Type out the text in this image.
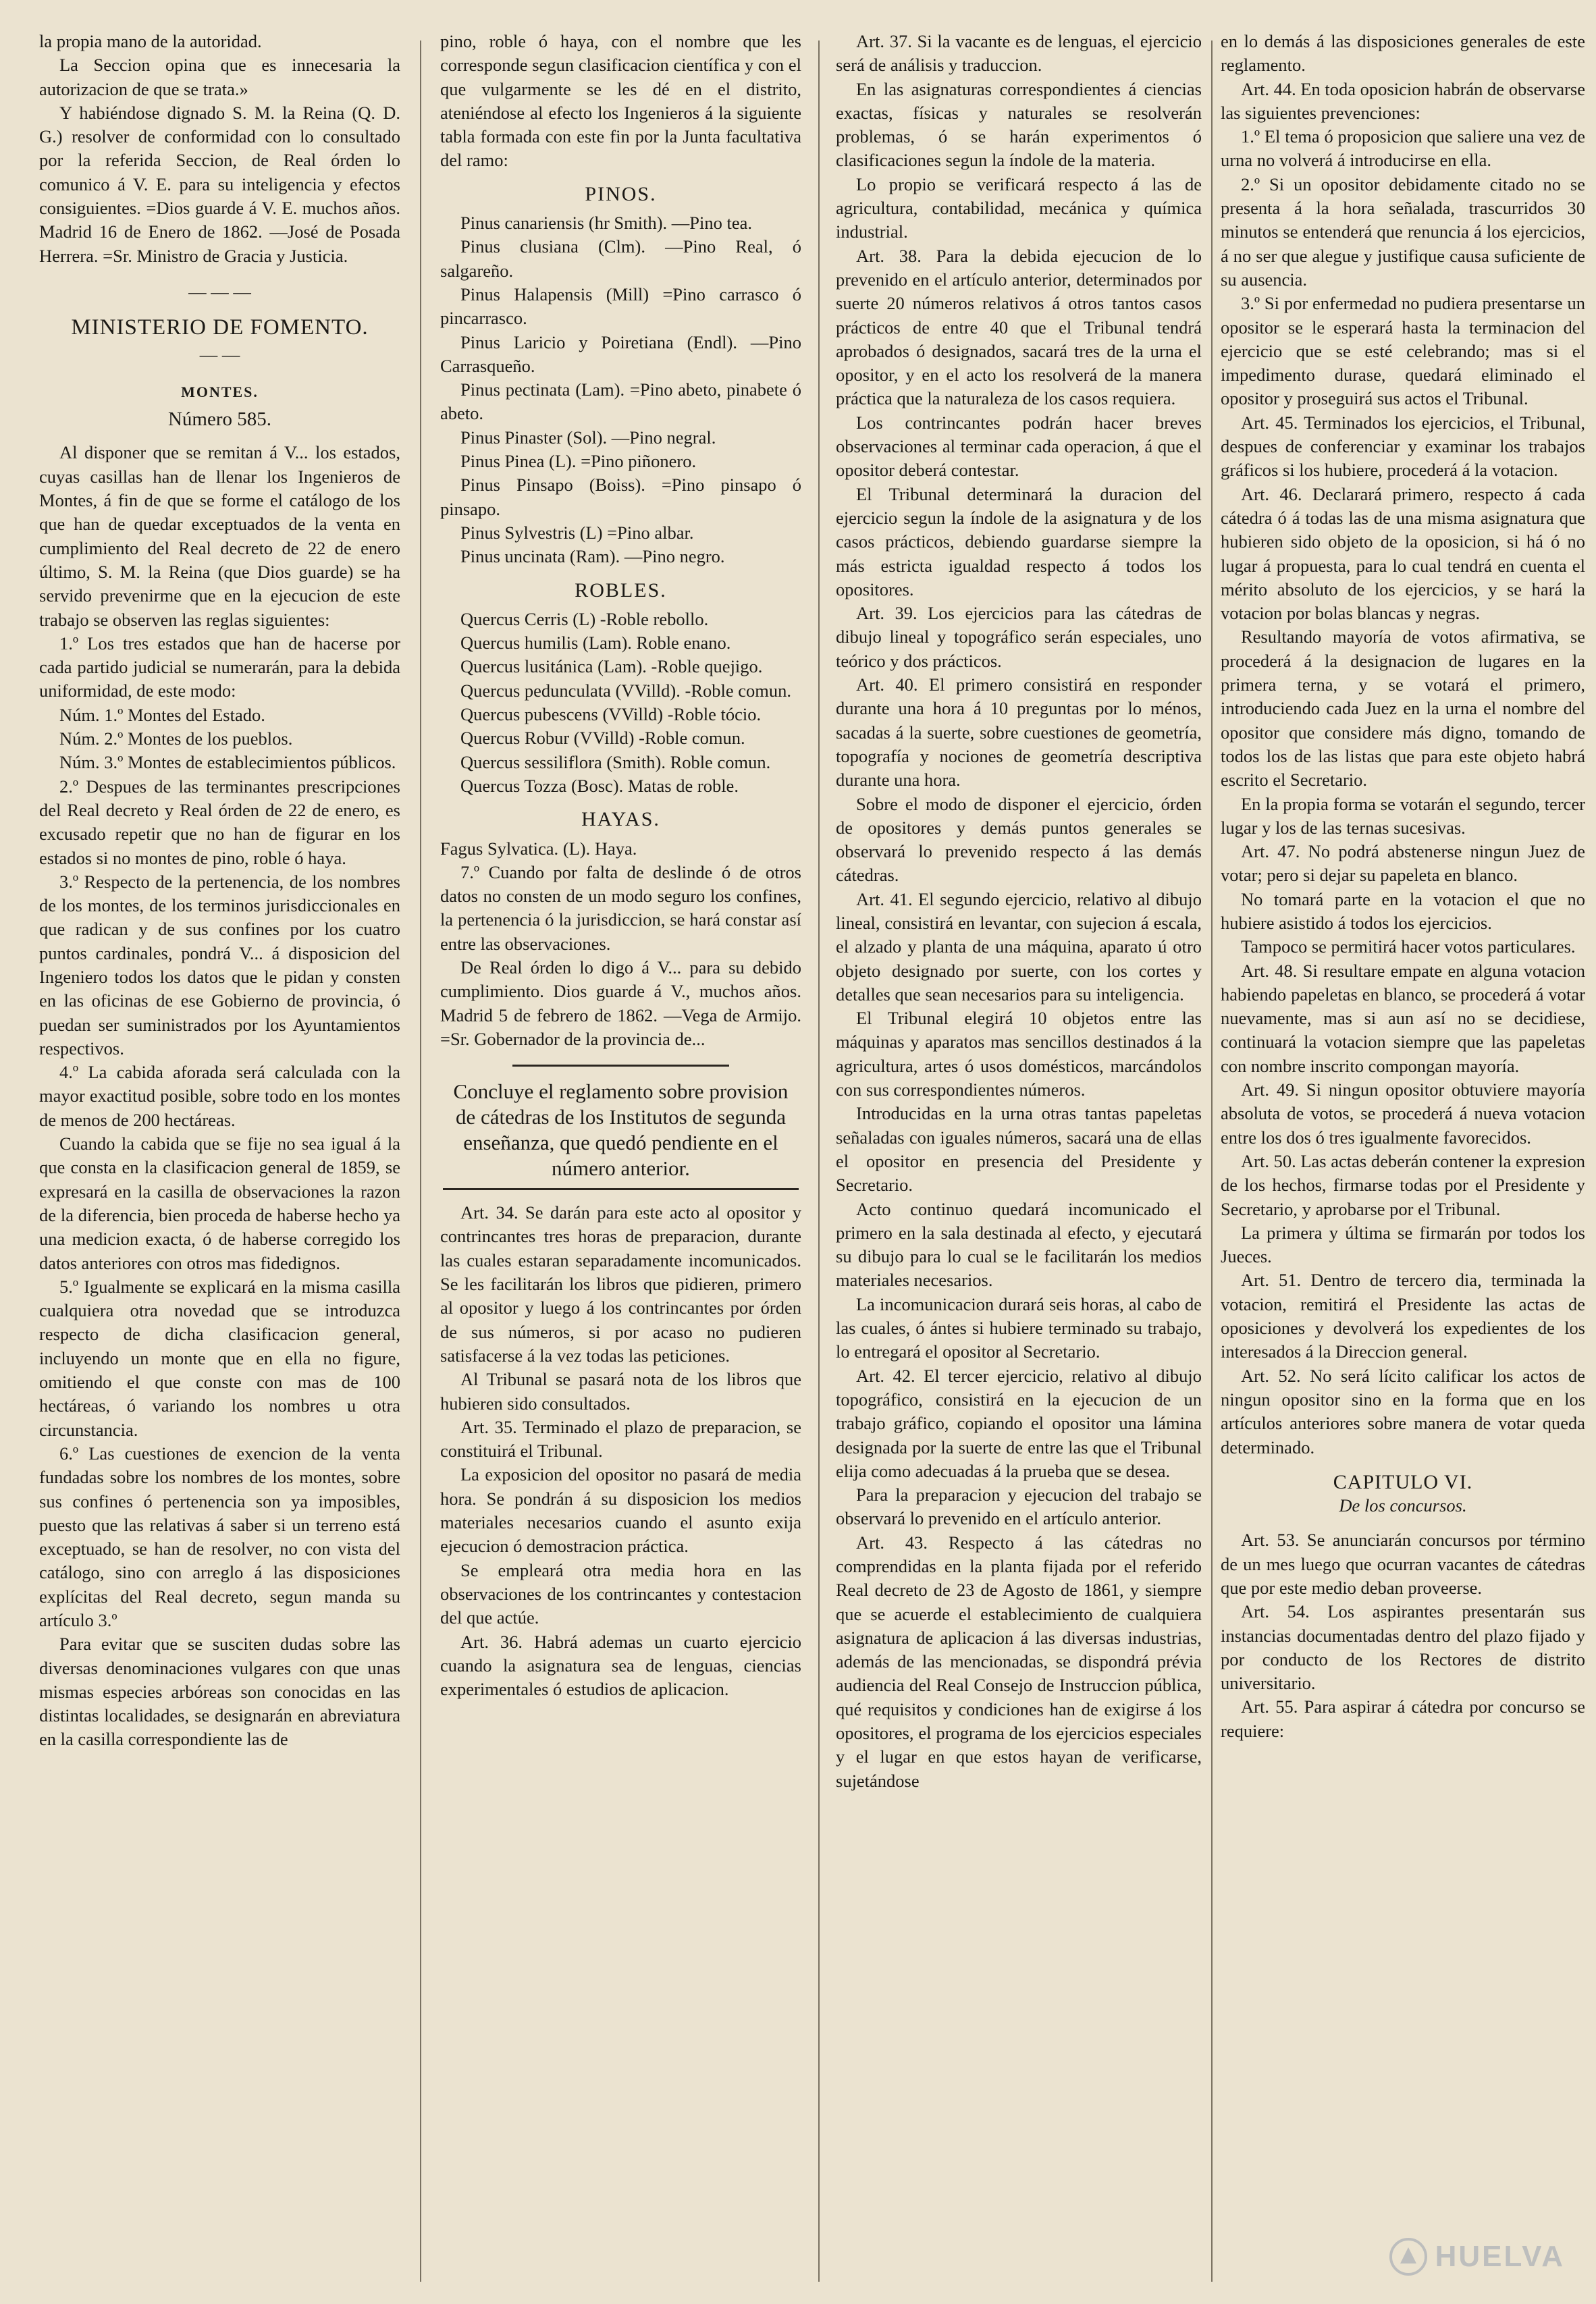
la propia mano de la autoridad.

La Seccion opina que es innecesaria la autorizacion de que se trata.»

Y habiéndose dignado S. M. la Reina (Q. D. G.) resolver de conformidad con lo consultado por la referida Seccion, de Real órden lo comunico á V. E. para su inteligencia y efectos consiguientes. =Dios guarde á V. E. muchos años. Madrid 16 de Enero de 1862. —José de Posada Herrera. =Sr. Ministro de Gracia y Justicia.

— — —

MINISTERIO DE FOMENTO.

— —

MONTES.

Número 585.

Al disponer que se remitan á V... los estados, cuyas casillas han de llenar los Ingenieros de Montes, á fin de que se forme el catálogo de los que han de quedar exceptuados de la venta en cumplimiento del Real decreto de 22 de enero último, S. M. la Reina (que Dios guarde) se ha servido prevenirme que en la ejecucion de este trabajo se observen las reglas siguientes:

1.º Los tres estados que han de hacerse por cada partido judicial se numerarán, para la debida uniformidad, de este modo:

Núm. 1.º Montes del Estado.

Núm. 2.º Montes de los pueblos.

Núm. 3.º Montes de establecimientos públicos.

2.º Despues de las terminantes prescripciones del Real decreto y Real órden de 22 de enero, es excusado repetir que no han de figurar en los estados si no montes de pino, roble ó haya.

3.º Respecto de la pertenencia, de los nombres de los montes, de los terminos jurisdiccionales en que radican y de sus confines por los cuatro puntos cardinales, pondrá V... á disposicion del Ingeniero todos los datos que le pidan y consten en las oficinas de ese Gobierno de provincia, ó puedan ser suministrados por los Ayuntamientos respectivos.

4.º La cabida aforada será calculada con la mayor exactitud posible, sobre todo en los montes de menos de 200 hectáreas.

Cuando la cabida que se fije no sea igual á la que consta en la clasificacion general de 1859, se expresará en la casilla de observaciones la razon de la diferencia, bien proceda de haberse hecho ya una medicion exacta, ó de haberse corregido los datos anteriores con otros mas fidedignos.

5.º Igualmente se explicará en la misma casilla cualquiera otra novedad que se introduzca respecto de dicha clasificacion general, incluyendo un monte que en ella no figure, omitiendo el que conste con mas de 100 hectáreas, ó variando los nombres u otra circunstancia.

6.º Las cuestiones de exencion de la venta fundadas sobre los nombres de los montes, sobre sus confines ó pertenencia son ya imposibles, puesto que las relativas á saber si un terreno está exceptuado, se han de resolver, no con vista del catálogo, sino con arreglo á las disposiciones explícitas del Real decreto, segun manda su artículo 3.º

Para evitar que se susciten dudas sobre las diversas denominaciones vulgares con que unas mismas especies arbóreas son conocidas en las distintas localidades, se designarán en abreviatura en la casilla correspondiente las de

pino, roble ó haya, con el nombre que les corresponde segun clasificacion científica y con el que vulgarmente se les dé en el distrito, ateniéndose al efecto los Ingenieros á la siguiente tabla formada con este fin por la Junta facultativa del ramo:

PINOS.

Pinus canariensis (hr Smith). —Pino tea.

Pinus clusiana (Clm). —Pino Real, ó salgareño.

Pinus Halapensis (Mill) =Pino carrasco ó pincarrasco.

Pinus Laricio y Poiretiana (Endl). —Pino Carrasqueño.

Pinus pectinata (Lam). =Pino abeto, pinabete ó abeto.

Pinus Pinaster (Sol). —Pino negral.

Pinus Pinea (L). =Pino piñonero.

Pinus Pinsapo (Boiss). =Pino pinsapo ó pinsapo.

Pinus Sylvestris (L) =Pino albar.

Pinus uncinata (Ram). —Pino negro.

ROBLES.

Quercus Cerris (L) -Roble rebollo.

Quercus humilis (Lam). Roble enano.

Quercus lusitánica (Lam). -Roble quejigo.

Quercus pedunculata (VVilld). -Roble comun.

Quercus pubescens (VVilld) -Roble tócio.

Quercus Robur (VVilld) -Roble comun.

Quercus sessiliflora (Smith). Roble comun.

Quercus Tozza (Bosc). Matas de roble.

HAYAS.

Fagus Sylvatica. (L). Haya.

7.º Cuando por falta de deslinde ó de otros datos no consten de un modo seguro los confines, la pertenencia ó la jurisdiccion, se hará constar así entre las observaciones.

De Real órden lo digo á V... para su debido cumplimiento. Dios guarde á V., muchos años. Madrid 5 de febrero de 1862. —Vega de Armijo. =Sr. Gobernador de la provincia de...

Concluye el reglamento sobre provision de cátedras de los Institutos de segunda enseñanza, que quedó pendiente en el número anterior.

Art. 34. Se darán para este acto al opositor y contrincantes tres horas de preparacion, durante las cuales estaran separadamente incomunicados. Se les facilitarán los libros que pidieren, primero al opositor y luego á los contrincantes por órden de sus números, si por acaso no pudieren satisfacerse á la vez todas las peticiones.

Al Tribunal se pasará nota de los libros que hubieren sido consultados.

Art. 35. Terminado el plazo de preparacion, se constituirá el Tribunal.

La exposicion del opositor no pasará de media hora. Se pondrán á su disposicion los medios materiales necesarios cuando el asunto exija ejecucion ó demostracion práctica.

Se empleará otra media hora en las observaciones de los contrincantes y contestacion del que actúe.

Art. 36. Habrá ademas un cuarto ejercicio cuando la asignatura sea de lenguas, ciencias experimentales ó estudios de aplicacion.

Art. 37. Si la vacante es de lenguas, el ejercicio será de análisis y traduccion.

En las asignaturas correspondientes á ciencias exactas, físicas y naturales se resolverán problemas, ó se harán experimentos ó clasificaciones segun la índole de la materia.

Lo propio se verificará respecto á las de agricultura, contabilidad, mecánica y química industrial.

Art. 38. Para la debida ejecucion de lo prevenido en el artículo anterior, determinados por suerte 20 números relativos á otros tantos casos prácticos de entre 40 que el Tribunal tendrá aprobados ó designados, sacará tres de la urna el opositor, y en el acto los resolverá de la manera práctica que la naturaleza de los casos requiera.

Los contrincantes podrán hacer breves observaciones al terminar cada operacion, á que el opositor deberá contestar.

El Tribunal determinará la duracion del ejercicio segun la índole de la asignatura y de los casos prácticos, debiendo guardarse siempre la más estricta igualdad respecto á todos los opositores.

Art. 39. Los ejercicios para las cátedras de dibujo lineal y topográfico serán especiales, uno teórico y dos prácticos.

Art. 40. El primero consistirá en responder durante una hora á 10 preguntas por lo ménos, sacadas á la suerte, sobre cuestiones de geometría, topografía y nociones de geometría descriptiva durante una hora.

Sobre el modo de disponer el ejercicio, órden de opositores y demás puntos generales se observará lo prevenido respecto á las demás cátedras.

Art. 41. El segundo ejercicio, relativo al dibujo lineal, consistirá en levantar, con sujecion á escala, el alzado y planta de una máquina, aparato ú otro objeto designado por suerte, con los cortes y detalles que sean necesarios para su inteligencia.

El Tribunal elegirá 10 objetos entre las máquinas y aparatos mas sencillos destinados á la agricultura, artes ó usos domésticos, marcándolos con sus correspondientes números.

Introducidas en la urna otras tantas papeletas señaladas con iguales números, sacará una de ellas el opositor en presencia del Presidente y Secretario.

Acto continuo quedará incomunicado el primero en la sala destinada al efecto, y ejecutará su dibujo para lo cual se le facilitarán los medios materiales necesarios.

La incomunicacion durará seis horas, al cabo de las cuales, ó ántes si hubiere terminado su trabajo, lo entregará el opositor al Secretario.

Art. 42. El tercer ejercicio, relativo al dibujo topográfico, consistirá en la ejecucion de un trabajo gráfico, copiando el opositor una lámina designada por la suerte de entre las que el Tribunal elija como adecuadas á la prueba que se desea.

Para la preparacion y ejecucion del trabajo se observará lo prevenido en el artículo anterior.

Art. 43. Respecto á las cátedras no comprendidas en la planta fijada por el referido Real decreto de 23 de Agosto de 1861, y siempre que se acuerde el establecimiento de cualquiera asignatura de aplicacion á las diversas industrias, además de las mencionadas, se dispondrá prévia audiencia del Real Consejo de Instruccion pública, qué requisitos y condiciones han de exigirse á los opositores, el programa de los ejercicios especiales y el lugar en que estos hayan de verificarse, sujetándose

en lo demás á las disposiciones generales de este reglamento.

Art. 44. En toda oposicion habrán de observarse las siguientes prevenciones:

1.º El tema ó proposicion que saliere una vez de urna no volverá á introducirse en ella.

2.º Si un opositor debidamente citado no se presenta á la hora señalada, trascurridos 30 minutos se entenderá que renuncia á los ejercicios, á no ser que alegue y justifique causa suficiente de su ausencia.

3.º Si por enfermedad no pudiera presentarse un opositor se le esperará hasta la terminacion del ejercicio que se esté celebrando; mas si el impedimento durase, quedará eliminado el opositor y proseguirá sus actos el Tribunal.

Art. 45. Terminados los ejercicios, el Tribunal, despues de conferenciar y examinar los trabajos gráficos si los hubiere, procederá á la votacion.

Art. 46. Declarará primero, respecto á cada cátedra ó á todas las de una misma asignatura que hubieren sido objeto de la oposicion, si há ó no lugar á propuesta, para lo cual tendrá en cuenta el mérito absoluto de los ejercicios, y se hará la votacion por bolas blancas y negras.

Resultando mayoría de votos afirmativa, se procederá á la designacion de lugares en la primera terna, y se votará el primero, introduciendo cada Juez en la urna el nombre del opositor que considere más digno, tomando de todos los de las listas que para este objeto habrá escrito el Secretario.

En la propia forma se votarán el segundo, tercer lugar y los de las ternas sucesivas.

Art. 47. No podrá abstenerse ningun Juez de votar; pero si dejar su papeleta en blanco.

No tomará parte en la votacion el que no hubiere asistido á todos los ejercicios.

Tampoco se permitirá hacer votos particulares.

Art. 48. Si resultare empate en alguna votacion habiendo papeletas en blanco, se procederá á votar nuevamente, mas si aun así no se decidiese, continuará la votacion siempre que las papeletas con nombre inscrito compongan mayoría.

Art. 49. Si ningun opositor obtuviere mayoría absoluta de votos, se procederá á nueva votacion entre los dos ó tres igualmente favorecidos.

Art. 50. Las actas deberán contener la expresion de los hechos, firmarse todas por el Presidente y Secretario, y aprobarse por el Tribunal.

La primera y última se firmarán por todos los Jueces.

Art. 51. Dentro de tercero dia, terminada la votacion, remitirá el Presidente las actas de oposiciones y devolverá los expedientes de los interesados á la Direccion general.

Art. 52. No será lícito calificar los actos de ningun opositor sino en la forma que en los artículos anteriores sobre manera de votar queda determinado.

CAPITULO VI.

De los concursos.

Art. 53. Se anunciarán concursos por término de un mes luego que ocurran vacantes de cátedras que por este medio deban proveerse.

Art. 54. Los aspirantes presentarán sus instancias documentadas dentro del plazo fijado y por conducto de los Rectores de distrito universitario.

Art. 55. Para aspirar á cátedra por concurso se requiere:

HUELVA
